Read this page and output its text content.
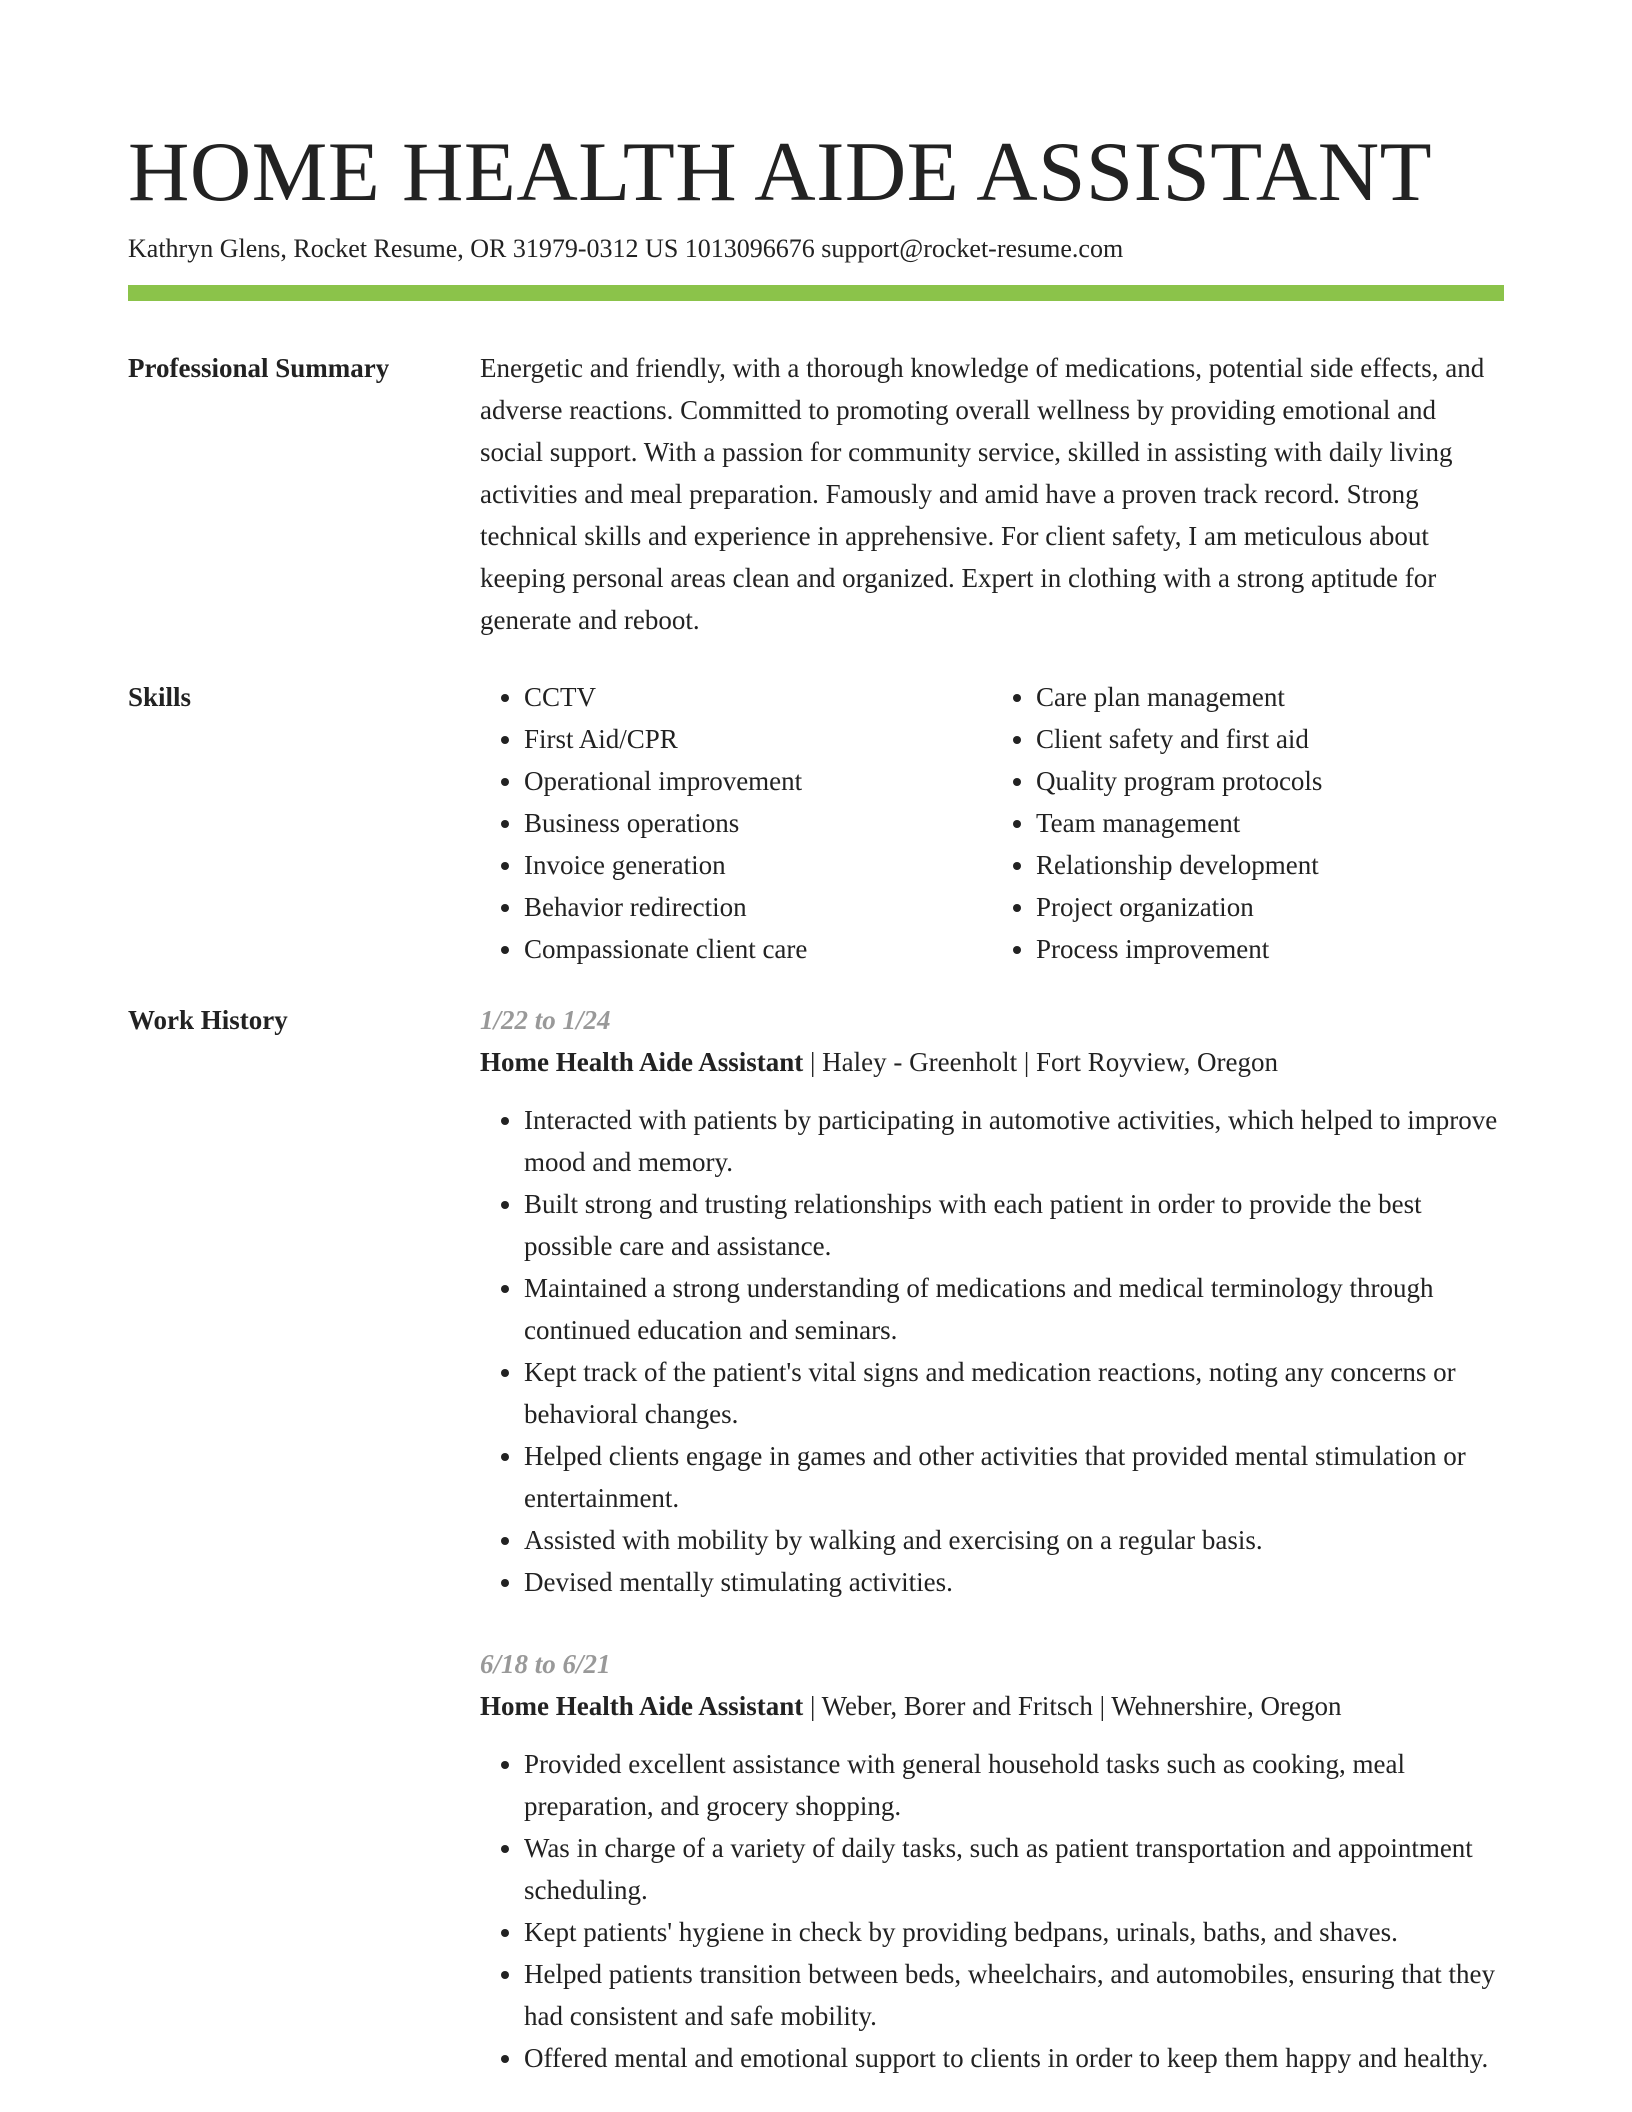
HOME HEALTH AIDE ASSISTANT
Kathryn Glens, Rocket Resume, OR 31979-0312 US 1013096676 support@rocket-resume.com
Professional Summary	Energetic and friendly, with a thorough knowledge of medications, potential side effects, and adverse reactions. Committed to promoting overall wellness by providing emotional and social support. With a passion for community service, skilled in assisting with daily living activities and meal preparation. Famously and amid have a proven track record. Strong technical skills and experience in apprehensive. For client safety, I am meticulous about keeping personal areas clean and organized. Expert in clothing with a strong aptitude for generate and reboot.

Skills
•	CCTV
• First Aid/CPR
• Operational improvement
• Business operations
• Invoice generation
• Behavior redirection
• Compassionate client care
• Care plan management
• Client safety and first aid
• Quality program protocols
• Team management
• Relationship development
• Project organization
• Process improvement
Work History	1/22 to 1/24
Home Health Aide Assistant | Haley - Greenholt | Fort Royview, Oregon
• Interacted with patients by participating in automotive activities, which helped to improve mood and memory.
• Built strong and trusting relationships with each patient in order to provide the best possible care and assistance.
• Maintained a strong understanding of medications and medical terminology through continued education and seminars.
• Kept track of the patient's vital signs and medication reactions, noting any concerns or behavioral changes.
• Helped clients engage in games and other activities that provided mental stimulation or entertainment.
• Assisted with mobility by walking and exercising on a regular basis.
• Devised mentally stimulating activities.
6/18 to 6/21
Home Health Aide Assistant | Weber, Borer and Fritsch | Wehnershire, Oregon
• Provided excellent assistance with general household tasks such as cooking, meal preparation, and grocery shopping.
• Was in charge of a variety of daily tasks, such as patient transportation and appointment scheduling.
• Kept patients' hygiene in check by providing bedpans, urinals, baths, and shaves.
• Helped patients transition between beds, wheelchairs, and automobiles, ensuring that they had consistent and safe mobility.
• Offered mental and emotional support to clients in order to keep them happy and healthy.
